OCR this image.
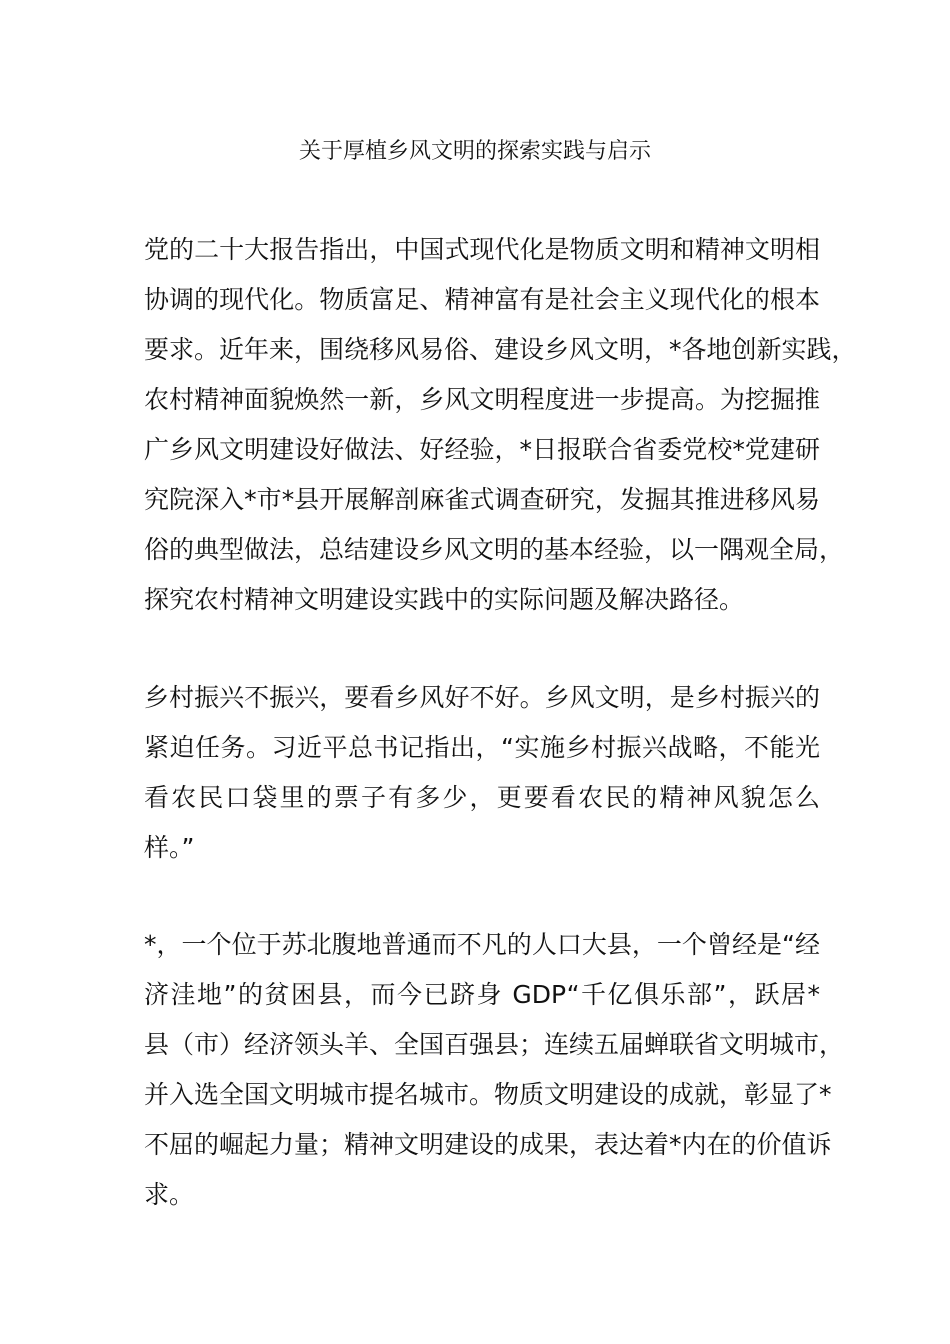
关于厚植乡风文明的探索实践与启示
党的二十大报告指出，中国式现代化是物质文明和精神文明相
协调的现代化。物质富足、精神富有是社会主义现代化的根本
要求。近年来，围绕移风易俗、建设乡风文明，*各地创新实践，
农村精神面貌焕然一新，乡风文明程度进一步提高。为挖掘推
广乡风文明建设好做法、好经验，*日报联合省委党校*党建研
究院深入*市*县开展解剖麻雀式调查研究，发掘其推进移风易
俗的典型做法，总结建设乡风文明的基本经验，以一隅观全局，
探究农村精神文明建设实践中的实际问题及解决路径。
乡村振兴不振兴，要看乡风好不好。乡风文明，是乡村振兴的
紧迫任务。习近平总书记指出，“实施乡村振兴战略，不能光
看农民口袋里的票子有多少，更要看农民的精神风貌怎么
样。”
*，一个位于苏北腹地普通而不凡的人口大县，一个曾经是“经
济洼地”的贫困县，而今已跻身 GDP“千亿俱乐部”，跃居*
县（市）经济领头羊、全国百强县；连续五届蝉联省文明城市，
并入选全国文明城市提名城市。物质文明建设的成就，彰显了*
不屈的崛起力量；精神文明建设的成果，表达着*内在的价值诉
求。
